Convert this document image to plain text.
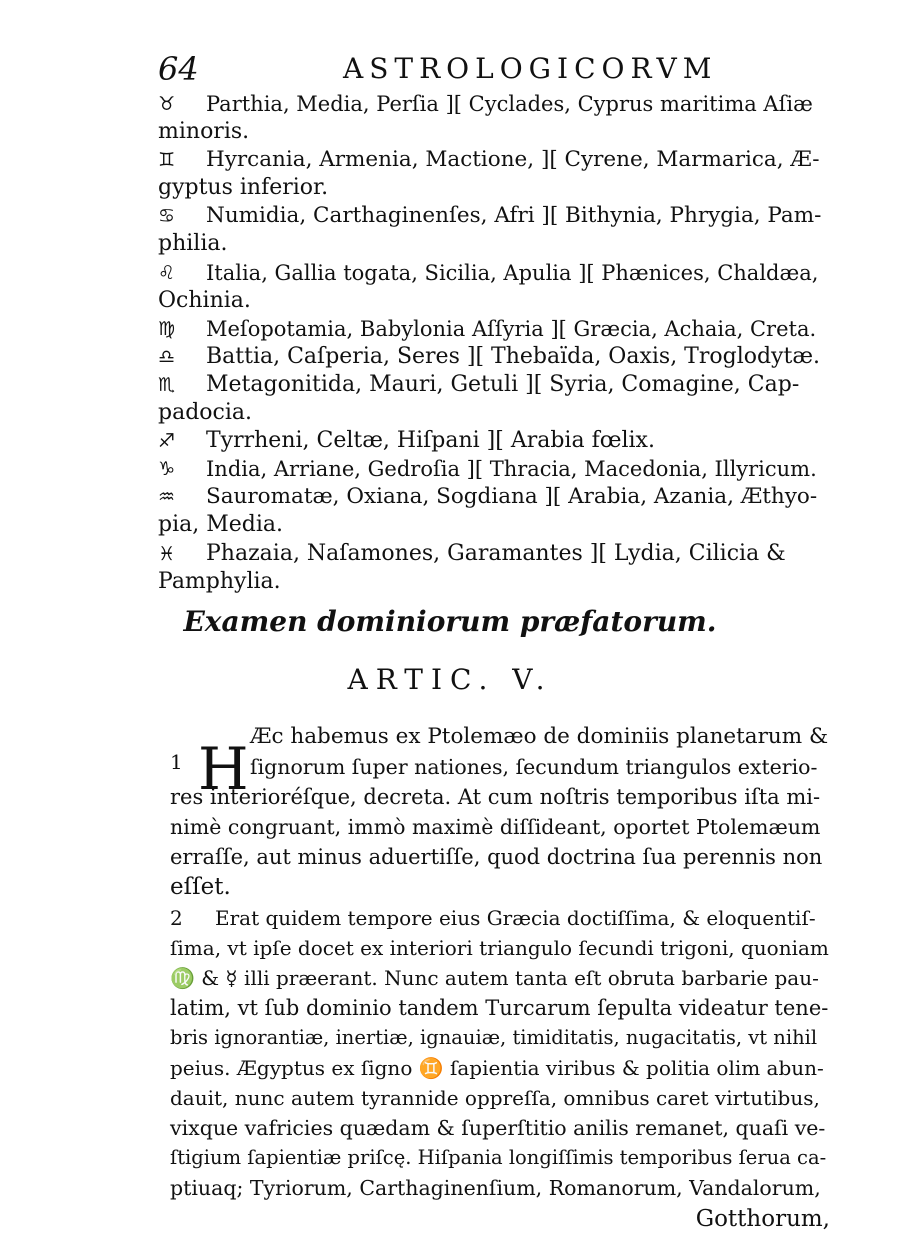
64	ASTROLOGICORVM
♉	Parthia, Media, Perſia ][ Cyclades, Cyprus maritima Aſiæ
minoris.
♊	Hyrcania, Armenia, Mactione, ][ Cyrene, Marmarica, Æ-
gyptus inferior.
♋	Numidia, Carthaginenſes, Afri ][ Bithynia, Phrygia, Pam-
philia.
♌	Italia, Gallia togata, Sicilia, Apulia ][ Phænices, Chaldæa,
Ochinia.
♍	Meſopotamia, Babylonia Aſſyria ][ Græcia, Achaia, Creta.
♎	Battia, Caſperia, Seres ][ Thebaïda, Oaxis, Troglodytæ.
♏	Metagonitida, Mauri, Getuli ][ Syria, Comagine, Cap-
padocia.
♐	Tyrrheni, Celtæ, Hiſpani ][ Arabia fœlix.
♑	India, Arriane, Gedroſia ][ Thracia, Macedonia, Illyricum.
♒	Sauromatæ, Oxiana, Sogdiana ][ Arabia, Azania, Æthyo-
pia, Media.
♓	Phazaia, Naſamones, Garamantes ][ Lydia, Cilicia &
Pamphylia.
Examen dominiorum præfatorum.
ARTIC. V.
1 H Æc habemus ex Ptolemæo de dominiis planetarum &
ſignorum ſuper nationes, ſecundum triangulos exterio-
res interioréſque, decreta. At cum noſtris temporibus iſta mi-
nimè congruant, immò maximè diſſideant, oportet Ptolemæum
erraſſe, aut minus aduertiſſe, quod doctrina ſua perennis non
eſſet.
2 Erat quidem tempore eius Græcia doctiſſima, & eloquentiſ-
ſima, vt ipſe docet ex interiori triangulo ſecundi trigoni, quoniam
♍ & ☿ illi præerant. Nunc autem tanta eſt obruta barbarie pau-
latim, vt ſub dominio tandem Turcarum ſepulta videatur tene-
bris ignorantiæ, inertiæ, ignauiæ, timiditatis, nugacitatis, vt nihil
peius. Ægyptus ex ſigno ♊ ſapientia viribus & politia olim abun-
dauit, nunc autem tyrannide oppreſſa, omnibus caret virtutibus,
vixque vafricies quædam & ſuperſtitio anilis remanet, quaſi ve-
ſtigium ſapientiæ priſcę. Hiſpania longiſſimis temporibus ſerua ca-
ptiuaq; Tyriorum, Carthaginenſium, Romanorum, Vandalorum,
Gotthorum,
